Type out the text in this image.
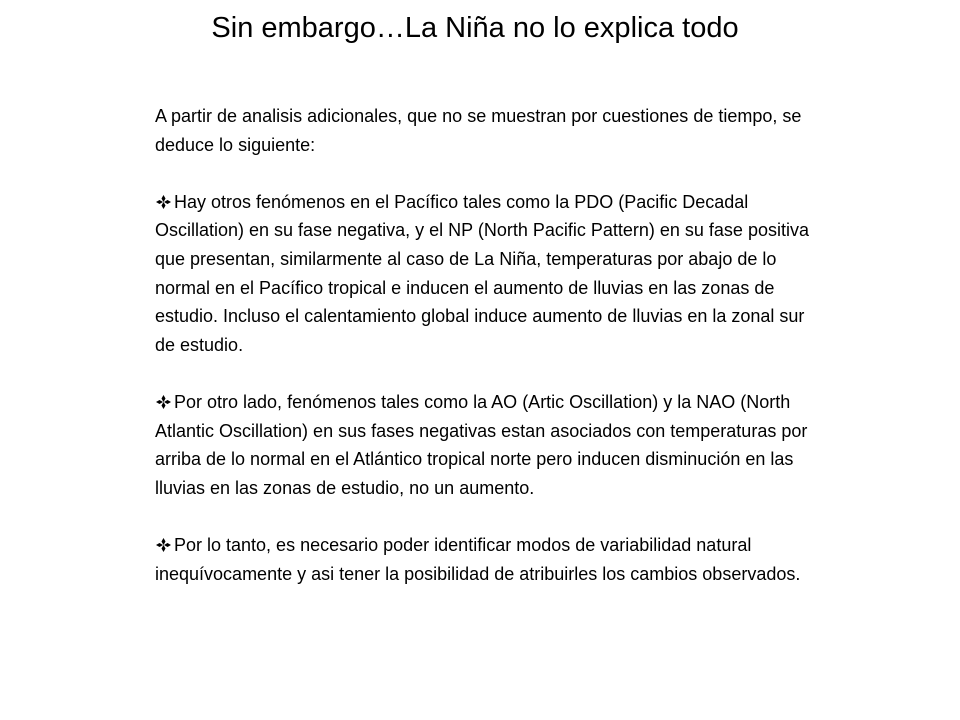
Sin embargo…La Niña no lo explica todo

A partir de analisis adicionales, que no se muestran por cuestiones de tiempo, se deduce lo siguiente:

Hay otros fenómenos en el Pacífico tales como la PDO (Pacific Decadal Oscillation) en su fase negativa, y el NP (North Pacific Pattern) en su fase positiva que presentan, similarmente al caso de La Niña, temperaturas por abajo de lo normal en el Pacífico tropical e inducen el aumento de lluvias en las zonas de estudio. Incluso el calentamiento global induce aumento de lluvias en la zonal sur de estudio.

Por otro lado, fenómenos tales como la AO (Artic Oscillation) y la NAO (North Atlantic Oscillation) en sus fases negativas estan asociados con temperaturas por arriba de lo normal en el Atlántico tropical norte pero inducen disminución en las lluvias en las zonas de estudio, no un aumento.

Por lo tanto, es necesario poder identificar modos de variabilidad natural inequívocamente y asi tener la posibilidad de atribuirles los cambios observados.
